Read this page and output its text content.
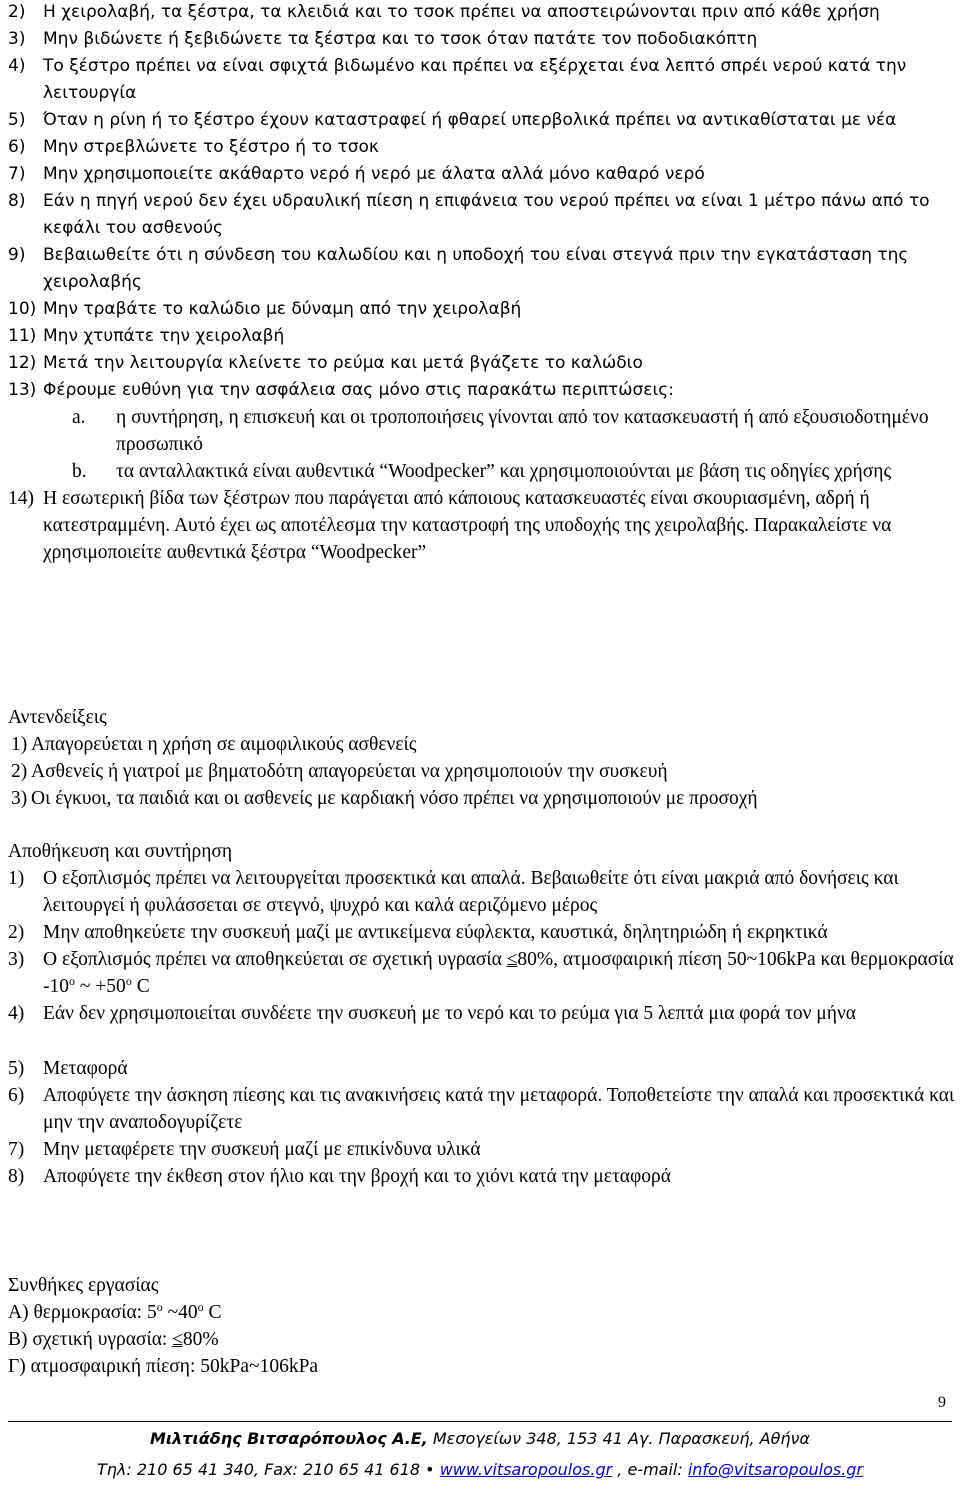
2)	Η χειρολαβή, τα ξέστρα, τα κλειδιά και το τσοκ πρέπει να αποστειρώνονται πριν από κάθε χρήση
3)	Μην βιδώνετε ή ξεβιδώνετε τα ξέστρα και το τσοκ όταν πατάτε τον ποδοδιακόπτη
4)	Το ξέστρο πρέπει να είναι σφιχτά βιδωμένο και πρέπει να εξέρχεται ένα λεπτό σπρέι νερού κατά την λειτουργία
5)	Όταν η ρίνη ή το ξέστρο έχουν καταστραφεί ή φθαρεί υπερβολικά πρέπει να αντικαθίσταται με νέα
6)	Μην στρεβλώνετε το ξέστρο ή το τσοκ
7)	Μην χρησιμοποιείτε ακάθαρτο νερό ή νερό με άλατα αλλά μόνο καθαρό νερό
8)	Εάν η πηγή νερού δεν έχει υδραυλική πίεση η επιφάνεια του νερού πρέπει να είναι 1 μέτρο πάνω από το κεφάλι του ασθενούς
9)	Βεβαιωθείτε ότι η σύνδεση του καλωδίου και η υποδοχή του είναι στεγνά πριν την εγκατάσταση της χειρολαβής
10) Μην τραβάτε το καλώδιο με δύναμη από την χειρολαβή
11) Μην χτυπάτε την χειρολαβή
12) Μετά την λειτουργία κλείνετε το ρεύμα και μετά βγάζετε το καλώδιο
13) Φέρουμε ευθύνη για την ασφάλεια σας μόνο στις παρακάτω περιπτώσεις:
a.	η συντήρηση, η επισκευή και οι τροποποιήσεις γίνονται από τον κατασκευαστή ή από εξουσιοδοτημένο προσωπικό
b.	τα ανταλλακτικά είναι αυθεντικά “Woodpecker” και χρησιμοποιούνται με βάση τις οδηγίες χρήσης
14) Η εσωτερική βίδα των ξέστρων που παράγεται από κάποιους κατασκευαστές είναι σκουριασμένη, αδρή ή κατεστραμμένη. Αυτό έχει ως αποτέλεσμα την καταστροφή της υποδοχής της χειρολαβής. Παρακαλείστε να χρησιμοποιείτε αυθεντικά ξέστρα “Woodpecker”
Αντενδείξεις
1) Απαγορεύεται η χρήση σε αιμοφιλικούς ασθενείς
2) Ασθενείς ή γιατροί με βηματοδότη απαγορεύεται να χρησιμοποιούν την συσκευή
3) Οι έγκυοι, τα παιδιά και οι ασθενείς με καρδιακή νόσο πρέπει να χρησιμοποιούν με προσοχή
Αποθήκευση και συντήρηση
1) Ο εξοπλισμός πρέπει να λειτουργείται προσεκτικά και απαλά. Βεβαιωθείτε ότι είναι μακριά από δονήσεις και λειτουργεί ή φυλάσσεται σε στεγνό, ψυχρό και καλά αεριζόμενο μέρος
2) Μην αποθηκεύετε την συσκευή μαζί με αντικείμενα εύφλεκτα, καυστικά, δηλητηριώδη ή εκρηκτικά
3) Ο εξοπλισμός πρέπει να αποθηκεύεται σε σχετική υγρασία ≤80%, ατμοσφαιρική πίεση 50~106kPa και θερμοκρασία -10$^o$ ~ $+50^o$ C
4) Εάν δεν χρησιμοποιείται συνδέετε την συσκευή με το νερό και το ρεύμα για 5 λεπτά μια φορά τον μήνα
5) Μεταφορά
6) Αποφύγετε την άσκηση πίεσης και τις ανακινήσεις κατά την μεταφορά. Τοποθετείστε την απαλά και προσεκτικά και μην την αναποδογυρίζετε
7) Μην μεταφέρετε την συσκευή μαζί με επικίνδυνα υλικά
8) Αποφύγετε την έκθεση στον ήλιο και την βροχή και το χιόνι κατά την μεταφορά
Συνθήκες εργασίας
Α) θερμοκρασία: 5$^o$ ~40$^o$ C
Β) σχετική υγρασία: ≤80%
Γ) ατμοσφαιρική πίεση: 50kPa~106kPa
9
Μιλτιάδης Βιτσαρόπουλος Α.Ε, Μεσογείων 348, 153 41 Αγ. Παρασκευή, Αθήνα
Τηλ: 210 65 41 340, Fax: 210 65 41 618 • www.vitsaropoulos.gr , e-mail: info@vitsaropoulos.gr
